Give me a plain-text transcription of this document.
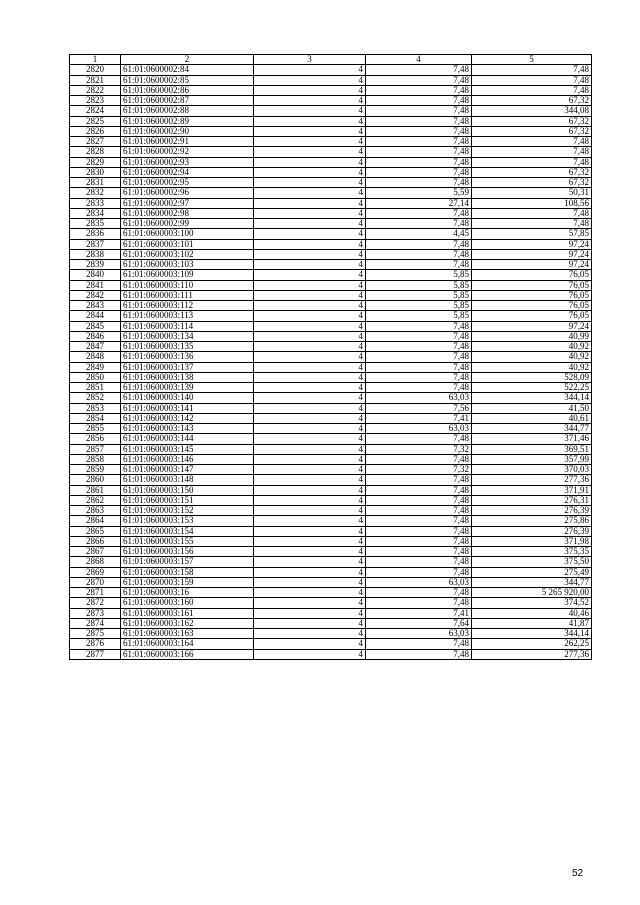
1	2	3	4	5
2820	61:01:0600002:84	4	7,48	7,48
2821	61:01:0600002:85	4	7,48	7,48
2822	61:01:0600002:86	4	7,48	7,48
2823	61:01:0600002:87	4	7,48	67,32
2824	61:01:0600002:88	4	7,48	344,08
2825	61:01:0600002:89	4	7,48	67,32
2826	61:01:0600002:90	4	7,48	67,32
2827	61:01:0600002:91	4	7,48	7,48
2828	61:01:0600002:92	4	7,48	7,48
2829	61:01:0600002:93	4	7,48	7,48
2830	61:01:0600002:94	4	7,48	67,32
2831	61:01:0600002:95	4	7,48	67,32
2832	61:01:0600002:96	4	5,59	50,31
2833	61:01:0600002:97	4	27,14	108,56
2834	61:01:0600002:98	4	7,48	7,48
2835	61:01:0600002:99	4	7,48	7,48
2836	61:01:0600003:100	4	4,45	57,85
2837	61:01:0600003:101	4	7,48	97,24
2838	61:01:0600003:102	4	7,48	97,24
2839	61:01:0600003:103	4	7,48	97,24
2840	61:01:0600003:109	4	5,85	76,05
2841	61:01:0600003:110	4	5,85	76,05
2842	61:01:0600003:111	4	5,85	76,05
2843	61:01:0600003:112	4	5,85	76,05
2844	61:01:0600003:113	4	5,85	76,05
2845	61:01:0600003:114	4	7,48	97,24
2846	61:01:0600003:134	4	7,48	40,99
2847	61:01:0600003:135	4	7,48	40,92
2848	61:01:0600003:136	4	7,48	40,92
2849	61:01:0600003:137	4	7,48	40,92
2850	61:01:0600003:138	4	7,48	528,09
2851	61:01:0600003:139	4	7,48	522,25
2852	61:01:0600003:140	4	63,03	344,14
2853	61:01:0600003:141	4	7,56	41,50
2854	61:01:0600003:142	4	7,41	40,61
2855	61:01:0600003:143	4	63,03	344,77
2856	61:01:0600003:144	4	7,48	371,46
2857	61:01:0600003:145	4	7,32	369,51
2858	61:01:0600003:146	4	7,48	357,99
2859	61:01:0600003:147	4	7,32	370,03
2860	61:01:0600003:148	4	7,48	277,36
2861	61:01:0600003:150	4	7,48	371,91
2862	61:01:0600003:151	4	7,48	276,31
2863	61:01:0600003:152	4	7,48	276,39
2864	61:01:0600003:153	4	7,48	275,86
2865	61:01:0600003:154	4	7,48	276,39
2866	61:01:0600003:155	4	7,48	371,98
2867	61:01:0600003:156	4	7,48	375,35
2868	61:01:0600003:157	4	7,48	375,50
2869	61:01:0600003:158	4	7,48	275,49
2870	61:01:0600003:159	4	63,03	344,77
2871	61:01:0600003:16	4	7,48	5 265 920,00
2872	61:01:0600003:160	4	7,48	374,52
2873	61:01:0600003:161	4	7,41	40,46
2874	61:01:0600003:162	4	7,64	41,87
2875	61:01:0600003:163	4	63,03	344,14
2876	61:01:0600003:164	4	7,48	262,25
2877	61:01:0600003:166	4	7,48	277,36
52
